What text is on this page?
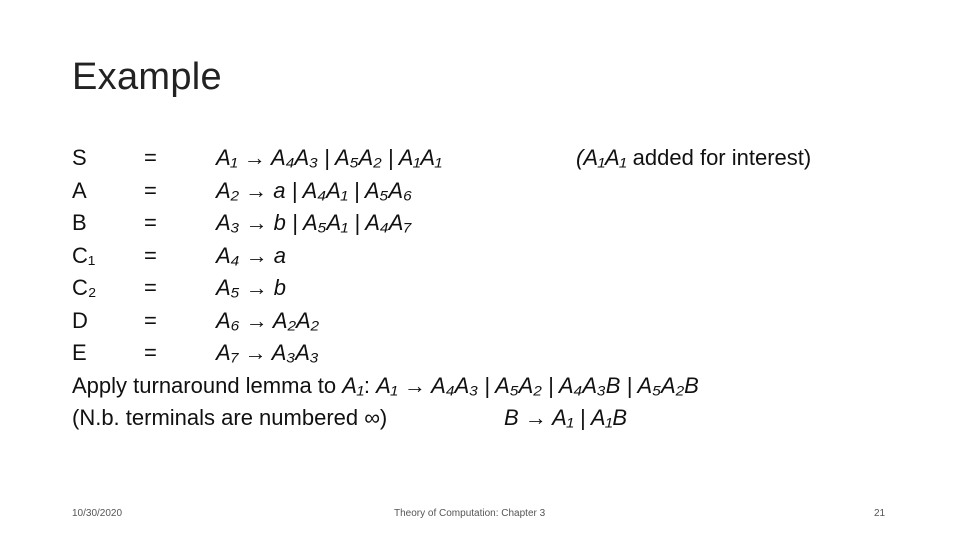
Example
S	=	A₁ → A₄A₃ | A₅A₂ | A₁A₁	(A₁A₁ added for interest)
A	=	A₂ → a | A₄A₁ | A₅A₆
B	=	A₃ → b | A₅A₁ | A₄A₇
C₁ =	A₄ → a
C₂ =	A₅ → b
D	=	A₆ → A₂A₂
E	=	A₇ → A₃A₃
Apply turnaround lemma to A₁: A₁ → A₄A₃ | A₅A₂ | A₄A₃B | A₅A₂B
(N.b. terminals are numbered ∞)	B → A₁ | A₁B
10/30/2020	Theory of Computation: Chapter 3	21
